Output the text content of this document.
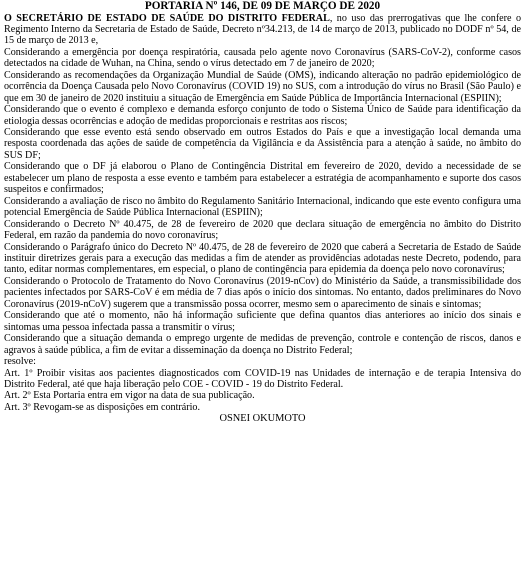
PORTARIA Nº 146, DE 09 DE MARÇO DE 2020

O SECRETÁRIO DE ESTADO DE SAÚDE DO DISTRITO FEDERAL, no uso das prerrogativas que lhe confere o Regimento Interno da Secretaria de Estado de Saúde, Decreto nº34.213, de 14 de março de 2013, publicado no DODF nº 54, de 15 de março de 2013 e,

Considerando a emergência por doença respiratória, causada pelo agente novo Coronavírus (SARS-CoV-2), conforme casos detectados na cidade de Wuhan, na China, sendo o vírus detectado em 7 de janeiro de 2020;

Considerando as recomendações da Organização Mundial de Saúde (OMS), indicando alteração no padrão epidemiológico de ocorrência da Doença Causada pelo Novo Coronavírus (COVID 19) no SUS, com a introdução do vírus no Brasil (São Paulo) e que em 30 de janeiro de 2020 instituiu a situação de Emergência em Saúde Pública de Importância Internacional (ESPIIN);

Considerando que o evento é complexo e demanda esforço conjunto de todo o Sistema Único de Saúde para identificação da etiologia dessas ocorrências e adoção de medidas proporcionais e restritas aos riscos;

Considerando que esse evento está sendo observado em outros Estados do País e que a investigação local demanda uma resposta coordenada das ações de saúde de competência da Vigilância e da Assistência para a atenção à saúde, no âmbito do SUS DF;

Considerando que o DF já elaborou o Plano de Contingência Distrital em fevereiro de 2020, devido a necessidade de se estabelecer um plano de resposta a esse evento e também para estabelecer a estratégia de acompanhamento e suporte dos casos suspeitos e confirmados;

Considerando a avaliação de risco no âmbito do Regulamento Sanitário Internacional, indicando que este evento configura uma potencial Emergência de Saúde Pública Internacional (ESPIIN);

Considerando o Decreto Nº 40.475, de 28 de fevereiro de 2020 que declara situação de emergência no âmbito do Distrito Federal, em razão da pandemia do novo coronavírus;

Considerando o Parágrafo único do Decreto Nº 40.475, de 28 de fevereiro de 2020 que caberá a Secretaria de Estado de Saúde instituir diretrizes gerais para a execução das medidas a fim de atender as providências adotadas neste Decreto, podendo, para tanto, editar normas complementares, em especial, o plano de contingência para epidemia da doença pelo novo coronavírus;

Considerando o Protocolo de Tratamento do Novo Coronavírus (2019-nCov) do Ministério da Saúde, a transmissibilidade dos pacientes infectados por SARS-CoV é em média de 7 dias após o início dos sintomas. No entanto, dados preliminares do Novo Coronavírus (2019-nCoV) sugerem que a transmissão possa ocorrer, mesmo sem o aparecimento de sinais e sintomas;

Considerando que até o momento, não há informação suficiente que defina quantos dias anteriores ao início dos sinais e sintomas uma pessoa infectada passa a transmitir o vírus;

Considerando que a situação demanda o emprego urgente de medidas de prevenção, controle e contenção de riscos, danos e agravos à saúde pública, a fim de evitar a disseminação da doença no Distrito Federal;

resolve:

Art. 1º Proibir visitas aos pacientes diagnosticados com COVID-19 nas Unidades de internação e de terapia Intensiva do Distrito Federal, até que haja liberação pelo COE - COVID - 19 do Distrito Federal.

Art. 2º Esta Portaria entra em vigor na data de sua publicação.

Art. 3º Revogam-se as disposições em contrário.

OSNEI OKUMOTO
